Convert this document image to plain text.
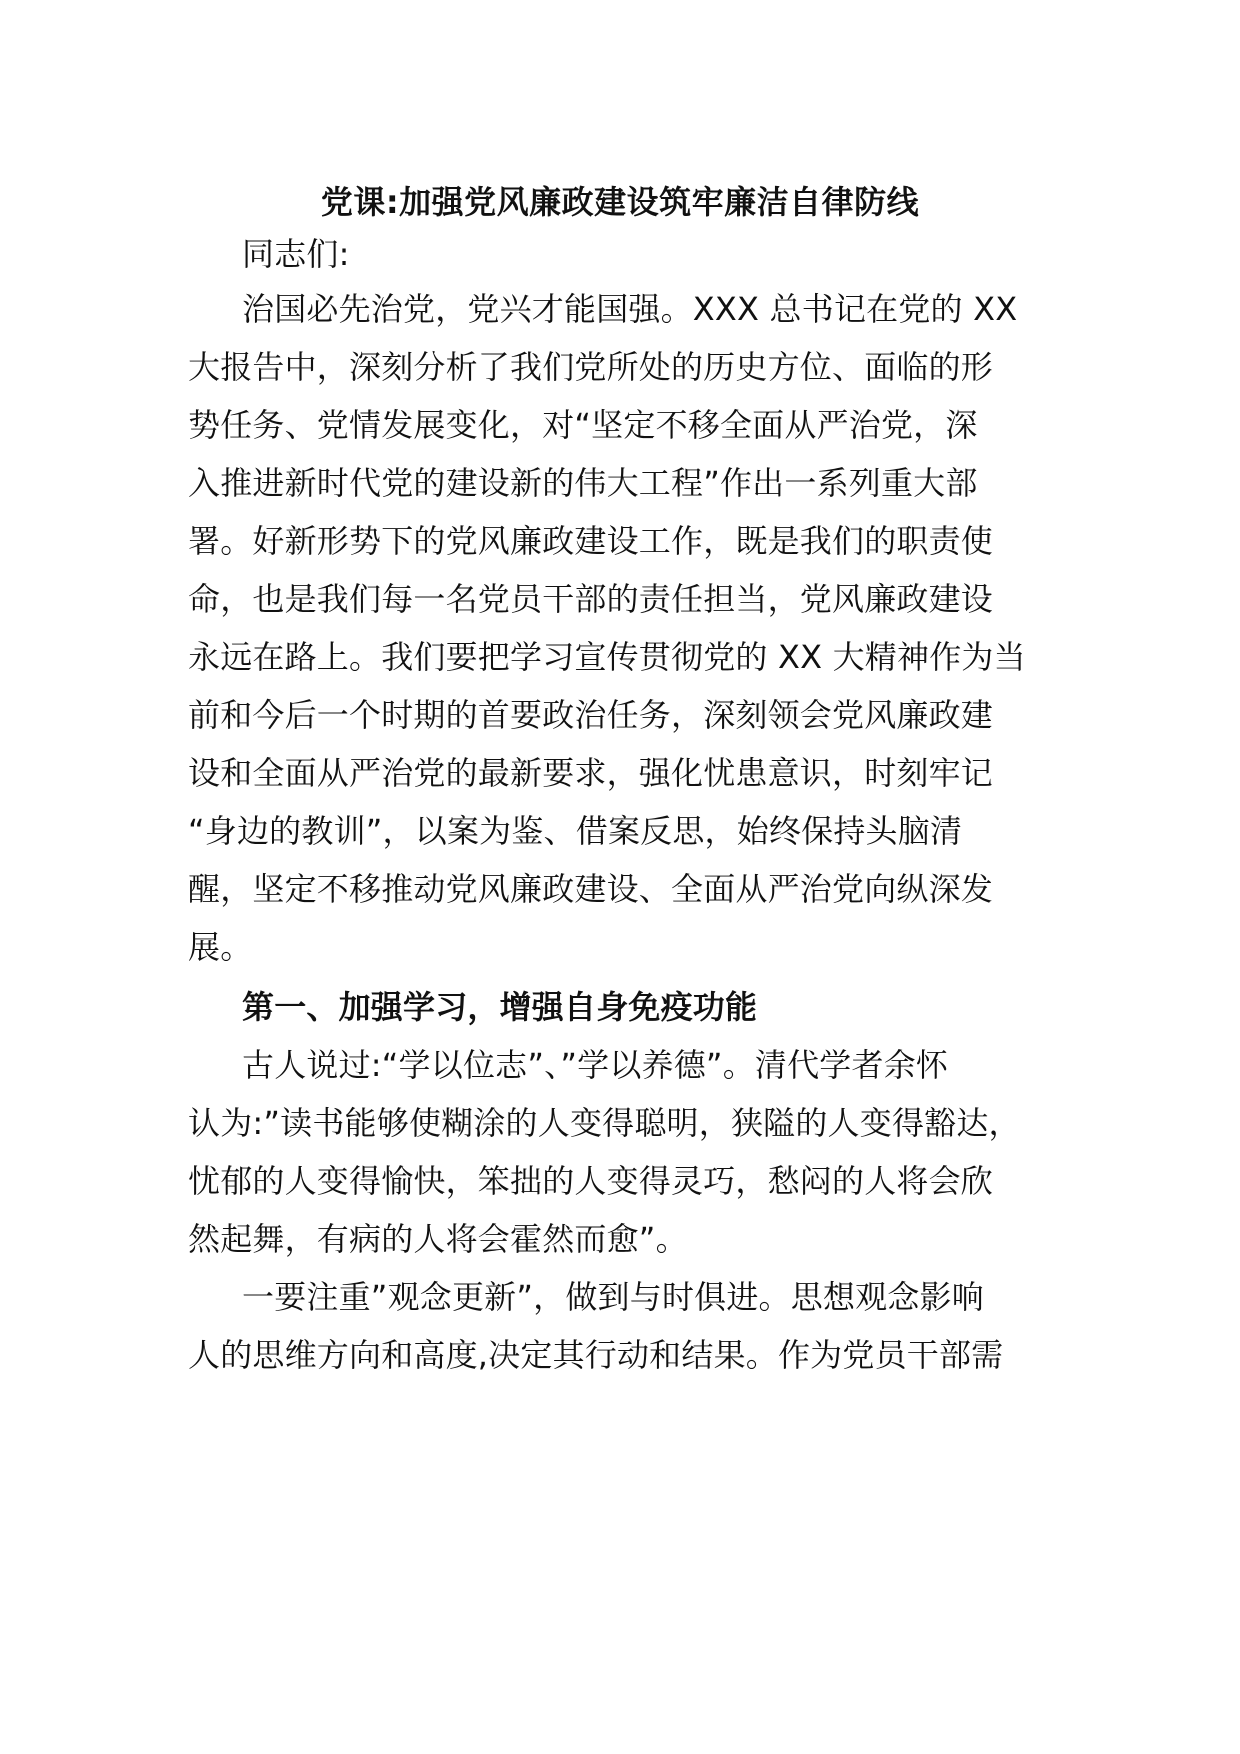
党课:加强党风廉政建设筑牢廉洁自律防线
同志们:
治国必先治党，党兴才能国强。XXX 总书记在党的 XX
大报告中，深刻分析了我们党所处的历史方位、面临的形
势任务、党情发展变化，对“坚定不移全面从严治党，深
入推进新时代党的建设新的伟大工程”作出一系列重大部
署。好新形势下的党风廉政建设工作，既是我们的职责使
命，也是我们每一名党员干部的责任担当，党风廉政建设
永远在路上。我们要把学习宣传贯彻党的 XX 大精神作为当
前和今后一个时期的首要政治任务，深刻领会党风廉政建
设和全面从严治党的最新要求，强化忧患意识，时刻牢记
“身边的教训”，以案为鉴、借案反思，始终保持头脑清
醒，坚定不移推动党风廉政建设、全面从严治党向纵深发
展。
第一、加强学习，增强自身免疫功能
古人说过:“学以位志”、”学以养德”。清代学者余怀
认为:”读书能够使糊涂的人变得聪明，狭隘的人变得豁达，
忧郁的人变得愉快，笨拙的人变得灵巧，愁闷的人将会欣
然起舞，有病的人将会霍然而愈”。
一要注重”观念更新”，做到与时俱进。思想观念影响
人的思维方向和高度,决定其行动和结果。作为党员干部需
